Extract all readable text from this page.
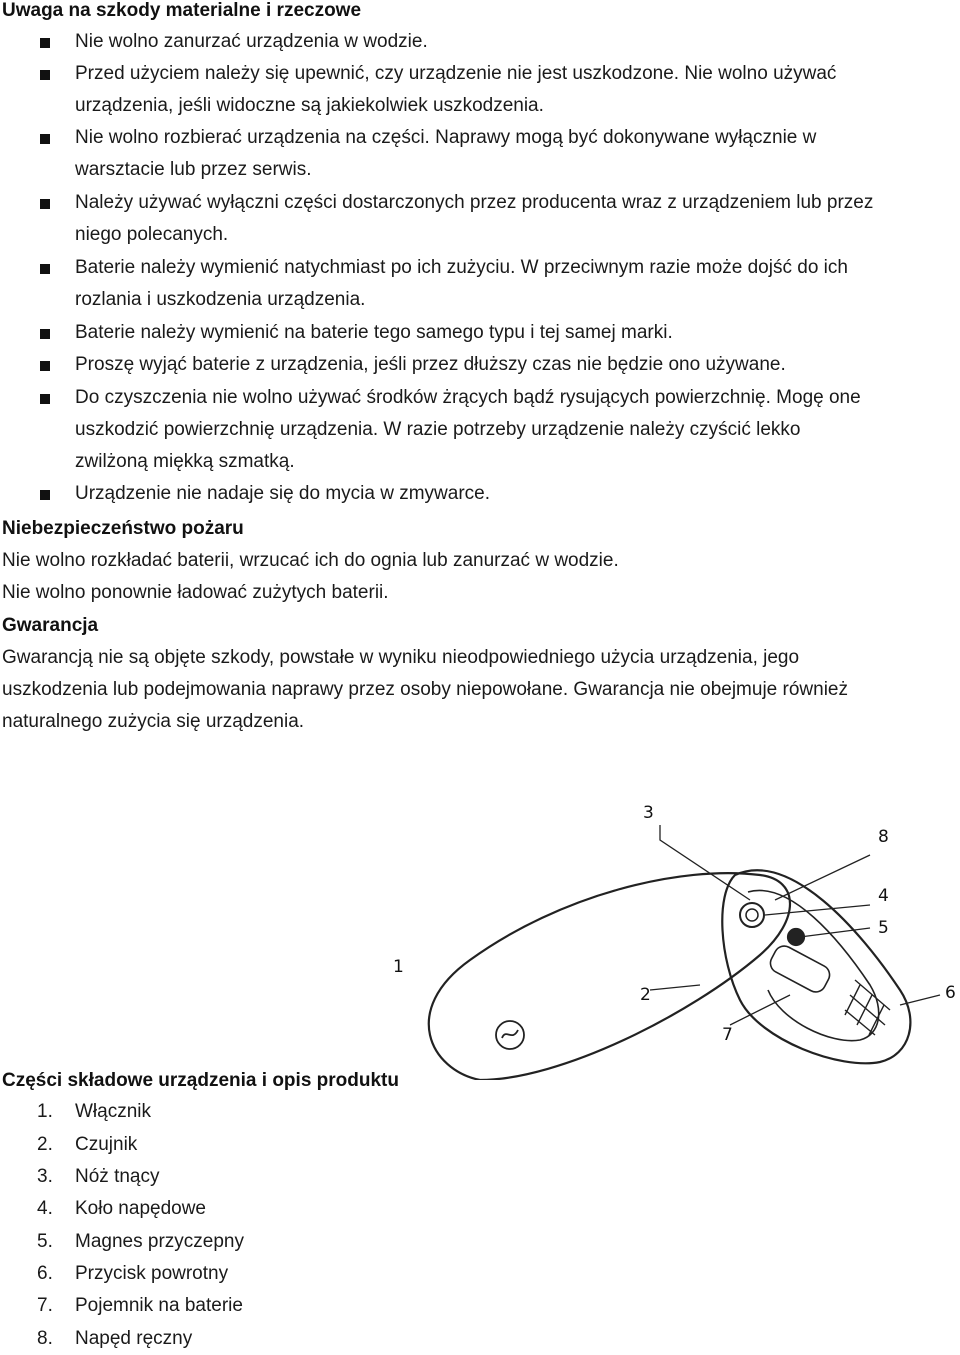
Uwaga na szkody materialne i rzeczowe
Nie wolno zanurzać urządzenia w wodzie.
Przed użyciem należy się upewnić, czy urządzenie nie jest uszkodzone. Nie wolno używać
urządzenia, jeśli widoczne są jakiekolwiek uszkodzenia.
Nie wolno rozbierać urządzenia na części. Naprawy mogą być dokonywane wyłącznie w
warsztacie lub przez serwis.
Należy używać wyłączni części dostarczonych przez producenta wraz z urządzeniem lub przez
niego polecanych.
Baterie należy wymienić natychmiast po ich zużyciu. W przeciwnym razie może dojść do ich
rozlania i uszkodzenia urządzenia.
Baterie należy wymienić na baterie tego samego typu i tej samej marki.
Proszę wyjąć baterie z urządzenia, jeśli przez dłuższy czas nie będzie ono używane.
Do czyszczenia nie wolno używać środków żrących bądź rysujących powierzchnię. Mogę one
uszkodzić powierzchnię urządzenia. W razie potrzeby urządzenie należy czyścić lekko
zwilżoną miękką szmatką.
Urządzenie nie nadaje się do mycia w zmywarce.
Niebezpieczeństwo pożaru
Nie wolno rozkładać baterii, wrzucać ich do ognia lub zanurzać w wodzie.
Nie wolno ponownie ładować zużytych baterii.
Gwarancja
Gwarancją nie są objęte szkody, powstałe w wyniku nieodpowiedniego użycia urządzenia, jego
uszkodzenia lub podejmowania naprawy przez osoby niepowołane. Gwarancja nie obejmuje również
naturalnego zużycia się urządzenia.
1
2
3
4
5
6
7
8
Części składowe urządzenia i opis produktu
1. Włącznik
2. Czujnik
3. Nóż tnący
4. Koło napędowe
5. Magnes przyczepny
6. Przycisk powrotny
7. Pojemnik na baterie
8. Napęd ręczny
